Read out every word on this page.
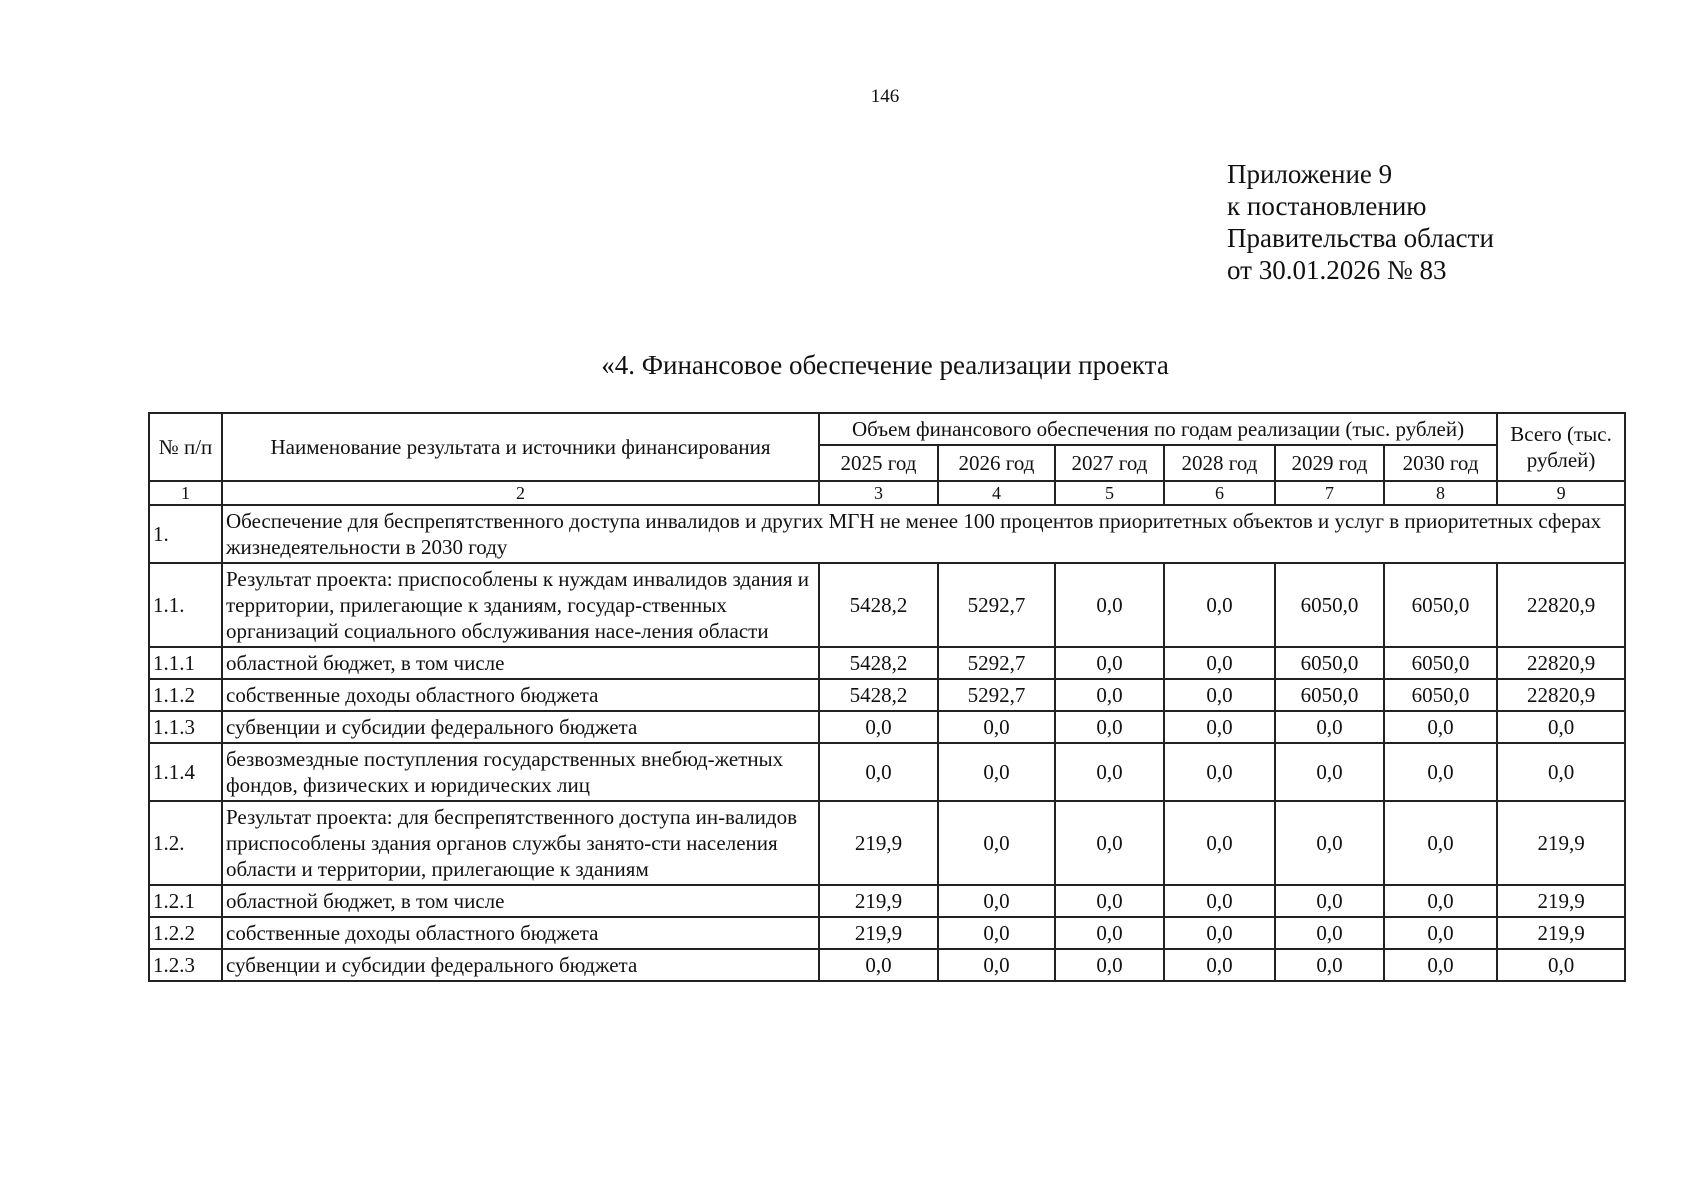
146
Приложение 9
к постановлению
Правительства области
от 30.01.2026 № 83
«4. Финансовое обеспечение реализации проекта
№ п/п	Наименование результата и источники финансирования	Объем финансового обеспечения по годам реализации (тыс. рублей)						Всего (тыс. рублей)
		2025 год	2026 год	2027 год	2028 год	2029 год	2030 год	
1	2	3	4	5	6	7	8	9
1.	Обеспечение для беспрепятственного доступа инвалидов и других МГН не менее 100 процентов приоритетных объектов и услуг в приоритетных сферах жизнедеятельности в 2030 году							
1.1.	Результат проекта: приспособлены к нуждам инвалидов здания и территории, прилегающие к зданиям, государ-ственных организаций социального обслуживания насе-ления области	5428,2	5292,7	0,0	0,0	6050,0	6050,0	22820,9
1.1.1	областной бюджет, в том числе	5428,2	5292,7	0,0	0,0	6050,0	6050,0	22820,9
1.1.2	собственные доходы областного бюджета	5428,2	5292,7	0,0	0,0	6050,0	6050,0	22820,9
1.1.3	субвенции и субсидии федерального бюджета	0,0	0,0	0,0	0,0	0,0	0,0	0,0
1.1.4	безвозмездные поступления государственных внебюд-жетных фондов, физических и юридических лиц	0,0	0,0	0,0	0,0	0,0	0,0	0,0
1.2.	Результат проекта: для беспрепятственного доступа ин-валидов приспособлены здания органов службы занято-сти населения области и территории, прилегающие к зданиям	219,9	0,0	0,0	0,0	0,0	0,0	219,9
1.2.1	областной бюджет, в том числе	219,9	0,0	0,0	0,0	0,0	0,0	219,9
1.2.2	собственные доходы областного бюджета	219,9	0,0	0,0	0,0	0,0	0,0	219,9
1.2.3	субвенции и субсидии федерального бюджета	0,0	0,0	0,0	0,0	0,0	0,0	0,0
